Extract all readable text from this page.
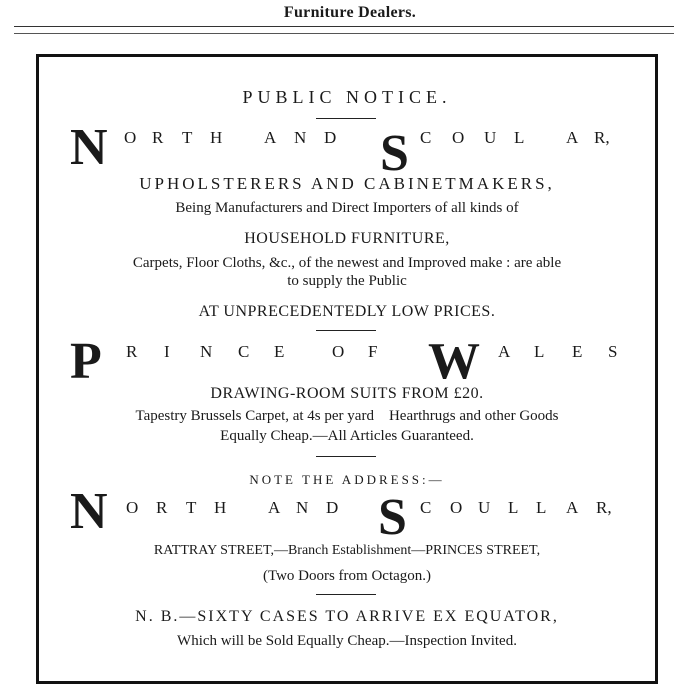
Furniture Dealers.
PUBLIC NOTICE.
N O R T H A N D S C O U L A R,
UPHOLSTERERS AND CABINETMAKERS,
Being Manufacturers and Direct Importers of all kinds of
HOUSEHOLD FURNITURE,
Carpets, Floor Cloths, &c., of the newest and Improved make : are able
to supply the Public
AT UNPRECEDENTEDLY LOW PRICES.
P R I N C E	O F W A L E S
DRAWING-ROOM SUITS FROM £20.
Tapestry Brussels Carpet, at 4s per yard    Hearthrugs and other Goods
Equally Cheap.—All Articles Guaranteed.
NOTE THE ADDRESS:—
N O R T H A N D S C O U L L A R,
RATTRAY STREET,—Branch Establishment—PRINCES STREET,
(Two Doors from Octagon.)
N. B.—SIXTY CASES TO ARRIVE EX EQUATOR,
Which will be Sold Equally Cheap.—Inspection Invited.
